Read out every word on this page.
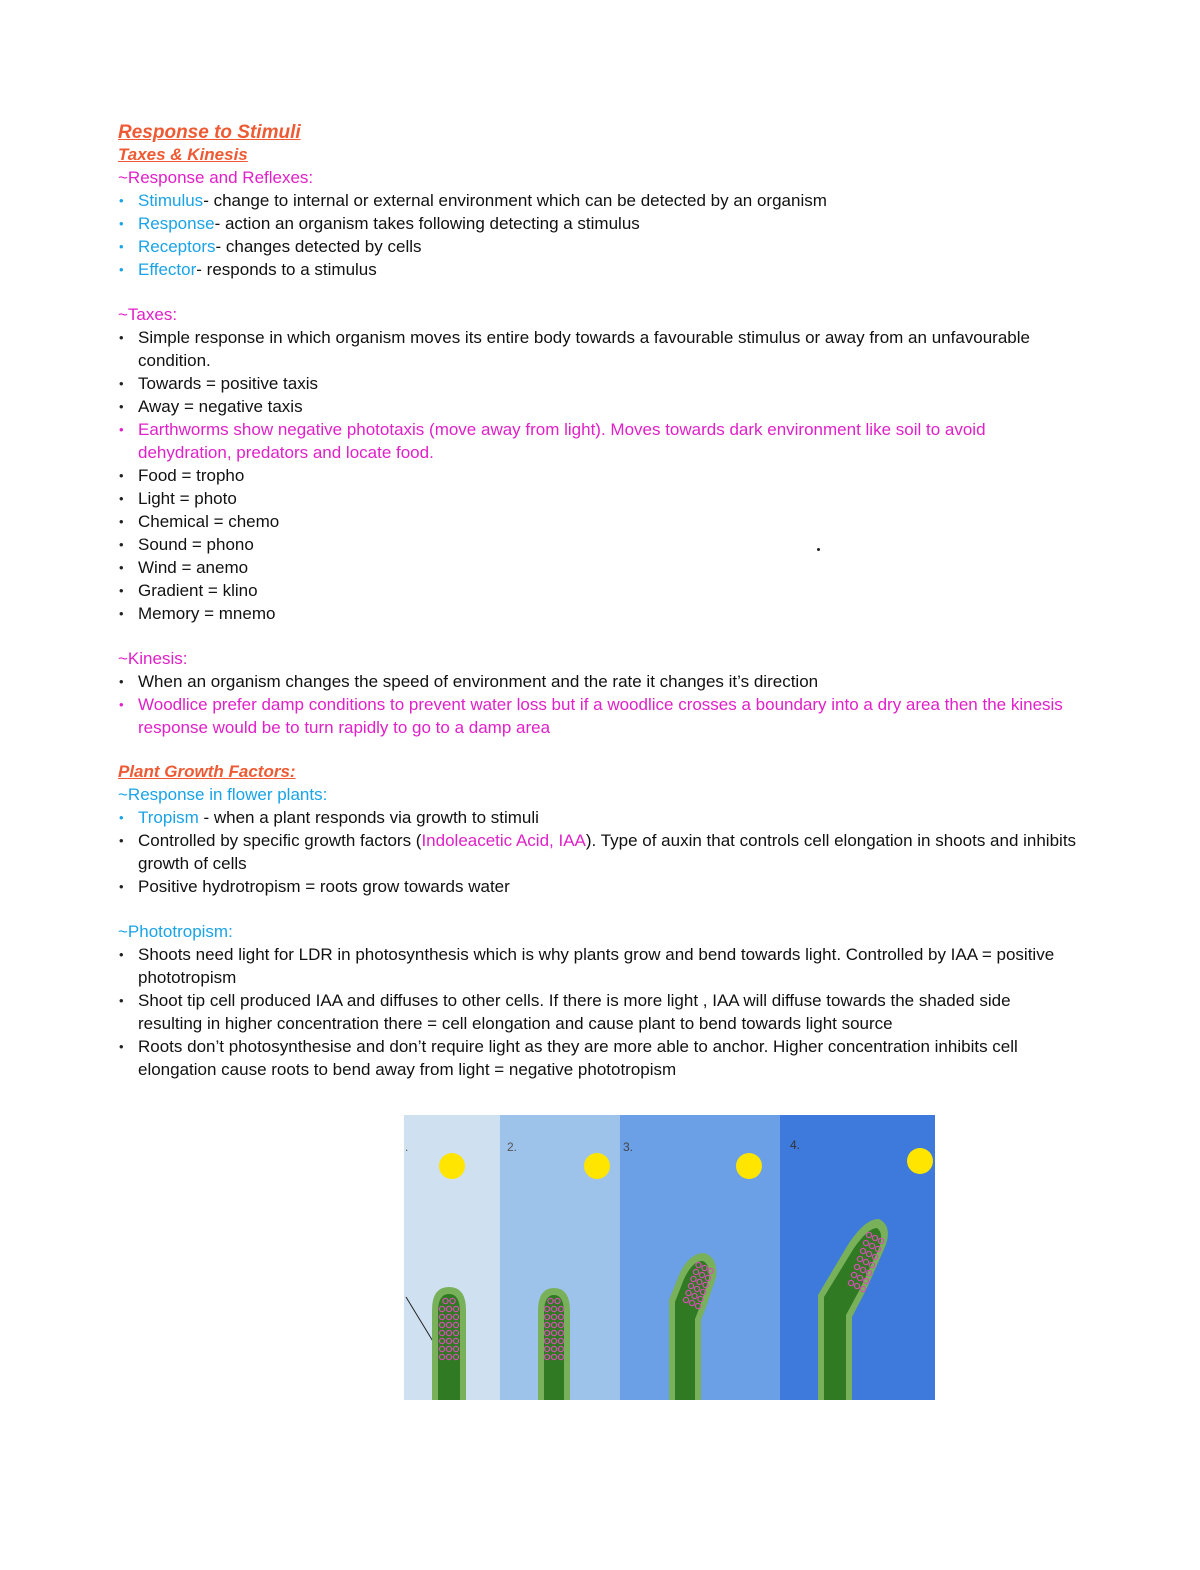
Response to Stimuli

Taxes & Kinesis

~Response and Reflexes:

• Stimulus- change to internal or external environment which can be detected by an organism
• Response- action an organism takes following detecting a stimulus
• Receptors- changes detected by cells
• Effector- responds to a stimulus

~Taxes:

• Simple response in which organism moves its entire body towards a favourable stimulus or away from an unfavourable condition.
• Towards = positive taxis
• Away = negative taxis
• Earthworms show negative phototaxis (move away from light). Moves towards dark environment like soil to avoid dehydration, predators and locate food.
• Food = tropho
• Light = photo
• Chemical = chemo
• Sound = phono
• Wind = anemo
• Gradient = klino
• Memory = mnemo

~Kinesis:

• When an organism changes the speed of environment and the rate it changes it’s direction
• Woodlice prefer damp conditions to prevent water loss but if a woodlice crosses a boundary into a dry area then the kinesis response would be to turn rapidly to go to a damp area

Plant Growth Factors:

~Response in flower plants:

• Tropism - when a plant responds via growth to stimuli
• Controlled by specific growth factors (Indoleacetic Acid, IAA). Type of auxin that controls cell elongation in shoots and inhibits growth of cells
• Positive hydrotropism = roots grow towards water

~Phototropism:

• Shoots need light for LDR in photosynthesis which is why plants grow and bend towards light. Controlled by IAA = positive phototropism
• Shoot tip cell produced IAA and diffuses to other cells. If there is more light , IAA will diffuse towards the shaded side resulting in higher concentration there = cell elongation and cause plant to bend towards light source
• Roots don’t photosynthesise and don’t require light as they are more able to anchor. Higher concentration inhibits cell elongation cause roots to bend away from light = negative phototropism
.	2.	3.	4.
